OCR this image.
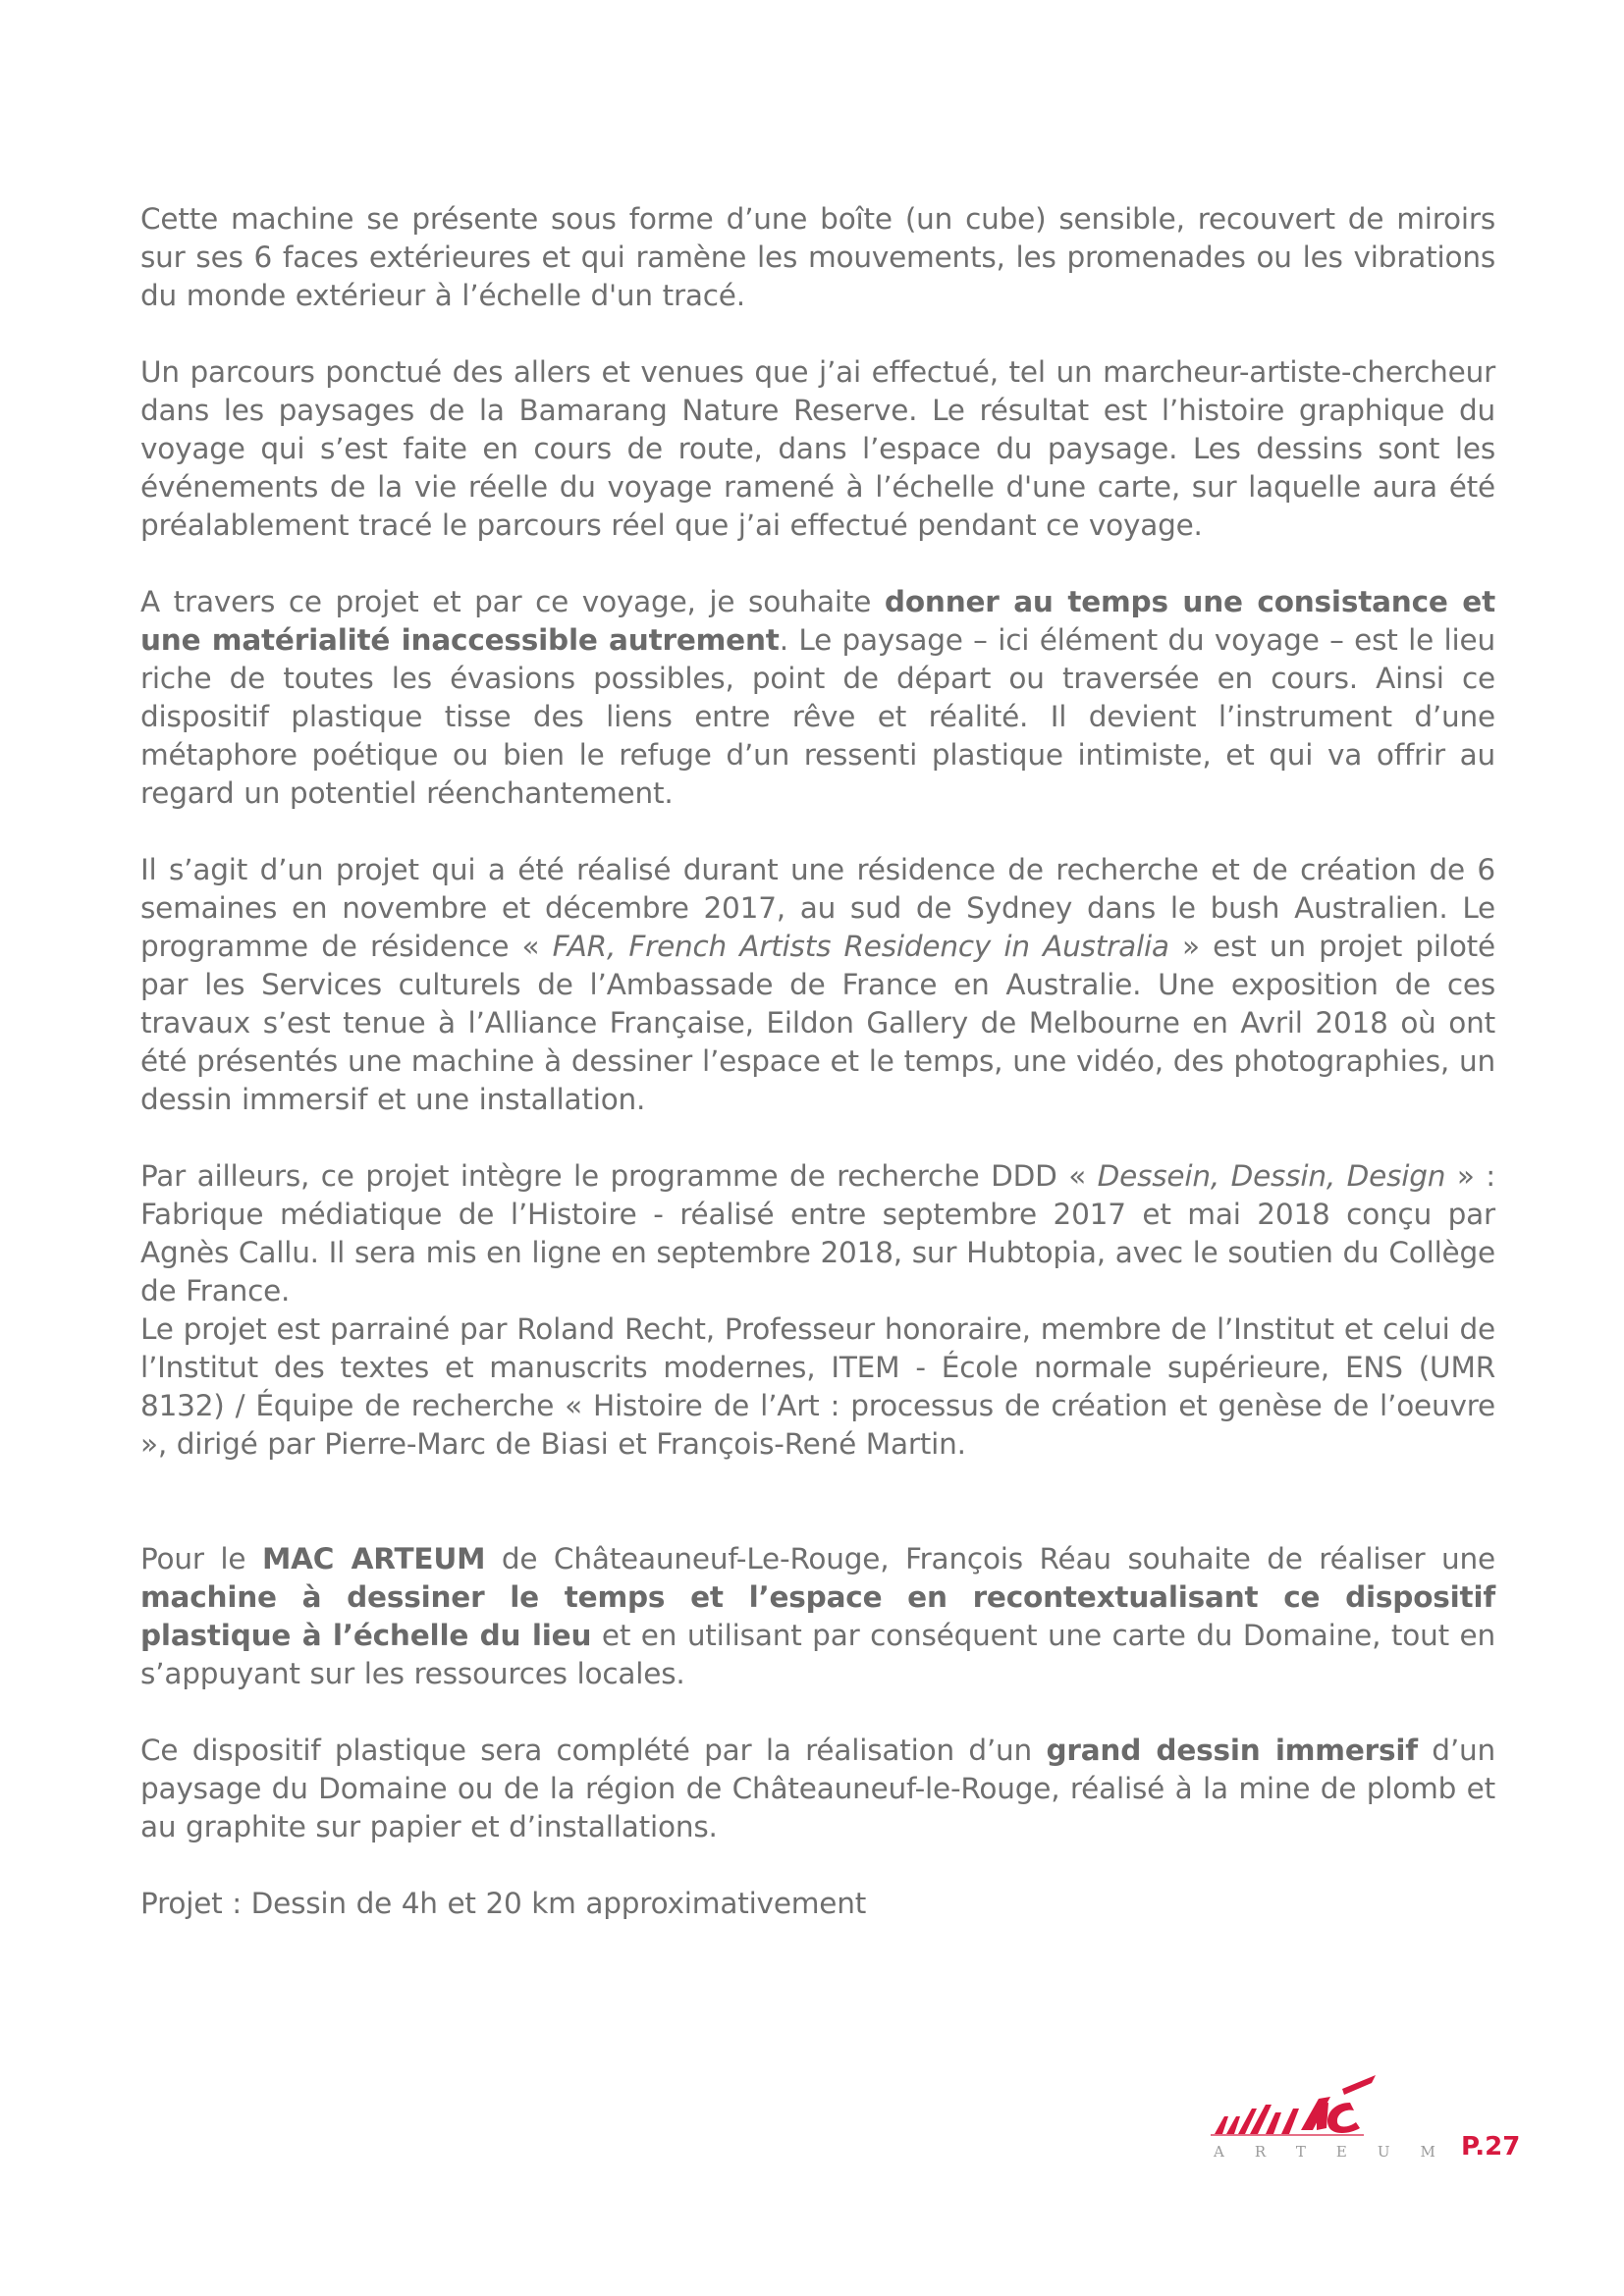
Cette machine se présente sous forme d’une boîte (un cube) sensible, recouvert de miroirs sur ses 6 faces extérieures et qui ramène les mouvements, les promenades ou les vibrations du monde extérieur à l’échelle d'un tracé.

Un parcours ponctué des allers et venues que j’ai effectué, tel un marcheur-artiste-chercheur dans les paysages de la Bamarang Nature Reserve. Le résultat est l’histoire graphique du voyage qui s’est faite en cours de route, dans l’espace du paysage. Les dessins sont les événements de la vie réelle du voyage ramené à l’échelle d'une carte, sur laquelle aura été préalablement tracé le parcours réel que j’ai effectué pendant ce voyage.

A travers ce projet et par ce voyage, je souhaite donner au temps une consistance et une matérialité inaccessible autrement. Le paysage – ici élément du voyage – est le lieu riche de toutes les évasions possibles, point de départ ou traversée en cours. Ainsi ce dispositif plastique tisse des liens entre rêve et réalité. Il devient l’instrument d’une métaphore poétique ou bien le refuge d’un ressenti plastique intimiste, et qui va offrir au regard un potentiel réenchantement.

Il s’agit d’un projet qui a été réalisé durant une résidence de recherche et de création de 6 semaines en novembre et décembre 2017, au sud de Sydney dans le bush Australien. Le programme de résidence « FAR, French Artists Residency in Australia » est un projet piloté par les Services culturels de l’Ambassade de France en Australie. Une exposition de ces travaux s’est tenue à l’Alliance Française, Eildon Gallery de Melbourne en Avril 2018 où ont été présentés une machine à dessiner l’espace et le temps, une vidéo, des photographies, un dessin immersif et une installation.

Par ailleurs, ce projet intègre le programme de recherche DDD « Dessein, Dessin, Design » : Fabrique médiatique de l’Histoire - réalisé entre septembre 2017 et mai 2018 conçu par Agnès Callu. Il sera mis en ligne en septembre 2018, sur Hubtopia, avec le soutien du Collège de France.

Le projet est parrainé par Roland Recht, Professeur honoraire, membre de l’Institut et celui de l’Institut des textes et manuscrits modernes, ITEM - École normale supérieure, ENS (UMR 8132) / Équipe de recherche « Histoire de l’Art : processus de création et genèse de l’oeuvre », dirigé par Pierre-Marc de Biasi et François-René Martin.

Pour le MAC ARTEUM de Châteauneuf-Le-Rouge, François Réau souhaite de réaliser une machine à dessiner le temps et l’espace en recontextualisant ce dispositif plastique à l’échelle du lieu et en utilisant par conséquent une carte du Domaine, tout en s’appuyant sur les ressources locales.

Ce dispositif plastique sera complété par la réalisation d’un grand dessin immersif d’un paysage du Domaine ou de la région de Châteauneuf-le-Rouge, réalisé à la mine de plomb et au graphite sur papier et d’installations.

Projet : Dessin de 4h et 20 km approximativement

ARTEUM
P.27
